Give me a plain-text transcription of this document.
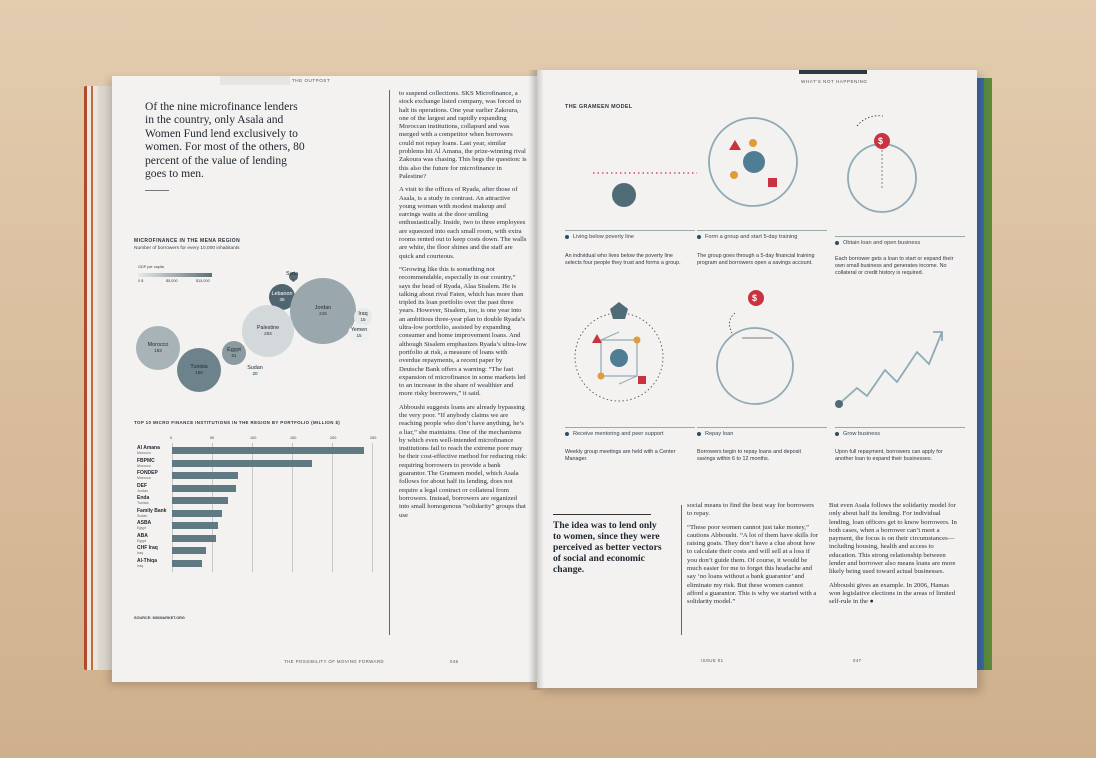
THE OUTPOST
Of the nine microfinance lenders in the country, only Asala and Women Fund lend exclusively to women. For most of the others, 80 percent of the value of lending goes to men.
MICROFINANCE IN THE MENA REGION
Number of borrowers for every 10,000 inhabitants
GDP per capita
0 $	$5,000	$15,000
Syria
5
Lebanon
36
Jordan
215	Iraq
15
Yemen
15
Palestine
204
Morocco
183
Tunisia
158
Egypt
61
Sudan
20
TOP 10 MICRO FINANCE INSTITUTIONS IN THE REGION BY PORTFOLIO (MILLION $)
0	50	100	150	200	250
Al Amana
Morocco
FBPMC
Morocco
FONDEP
Morocco
DEF
Jordan
Enda
Tunisia
Family Bank
Sudan
ASBA
Egypt
ABA
Egypt
CHF Iraq
Iraq
Al-Thiqa
Iraq
SOURCE: MIXMARKET.ORG

to suspend collections. SKS Microfinance, a stock exchange listed company, was forced to halt its operations. One year earlier Zakoura, one of the largest and rapidly expanding Moroccan institutions, collapsed and was merged with a competitor when borrowers could not repay loans. Last year, similar problems hit Al Amana, the prize-winning rival Zakoura was chasing. This begs the question: is this also the future for microfinance in Palestine?

A visit to the offices of Ryada, after those of Asala, is a study in contrast. An attractive young woman with modest makeup and earrings waits at the door smiling enthusiastically. Inside, two to three employees are squeezed into each small room, with extra rooms rented out to keep costs down. The walls are white, the floor shines and the staff are quick and courteous.

“Growing like this is something not recommendable, especially in our country,” says the head of Ryada, Alaa Sisalem. He is talking about rival Faten, which has more than tripled its loan portfolio over the past three years. However, Sisalem, too, is one year into an ambitious three-year plan to double Ryada’s ultra-low portfolio, assisted by expanding consumer and home improvement loans. And although Sisalem emphasizes Ryada’s ultra-low portfolio at risk, a measure of loans with overdue repayments, a recent paper by Deutsche Bank offers a warning: “The fast expansion of microfinance in some markets led to an increase in the share of wealthier and more risky borrowers,” it said.

Abboushi suggests loans are already bypassing the very poor. “If anybody claims we are reaching people who don’t have anything, he’s a liar,” she maintains. One of the mechanisms by which even well-intended microfinance institutions fail to reach the extreme poor may be their cost-effective method for reducing risk: requiring borrowers to provide a bank guarantor. The Grameen model, which Asala follows for about half its lending, does not require a legal contract or collateral from borrowers. Instead, borrowers are organized into small homogenous “solidarity” groups that use

THE POSSIBILITY OF MOVING FORWARD	046
WHAT’S NOT HAPPENING
THE GRAMEEN MODEL
$
$
Living below poverty line
An individual who lives below the poverty line selects four people they trust and forms a group.
Form a group and start 5-day training
The group goes through a 5-day financial training program and borrowers open a savings account.
Obtain loan and open business
Each borrower gets a loan to start or expand their own small business and generates income. No collateral or credit history is required.
Receive mentoring and peer support
Weekly group meetings are held with a Center Manager.
Repay loan
Borrowers begin to repay loans and deposit savings within 6 to 12 months.
Grow business
Upon full repayment, borrowers can apply for another loan to expand their businesses.
The idea was to lend only to women, since they were perceived as better vectors of social and economic change.

social means to find the best way for borrowers to repay.

“These poor women cannot just take money,” cautions Abboushi. “A lot of them have skills for raising goats. They don’t have a clue about how to calculate their costs and will sell at a loss if you don’t guide them. Of course, it would be much easier for me to forget this headache and say ‘no loans without a bank guarantor’ and eliminate my risk. But these women cannot afford a guarantor. This is why we started with a solidarity model.”

But even Asala follows the solidarity model for only about half its lending. For individual lending, loan officers get to know borrowers. In both cases, when a borrower can’t meet a payment, the focus is on their circumstances—including housing, health and access to education. This strong relationship between lender and borrower also means loans are more likely being used toward actual businesses.

Abboushi gives an example. In 2006, Hamas won legislative elections in the areas of limited self-rule in the ●

ISSUE 01	047
